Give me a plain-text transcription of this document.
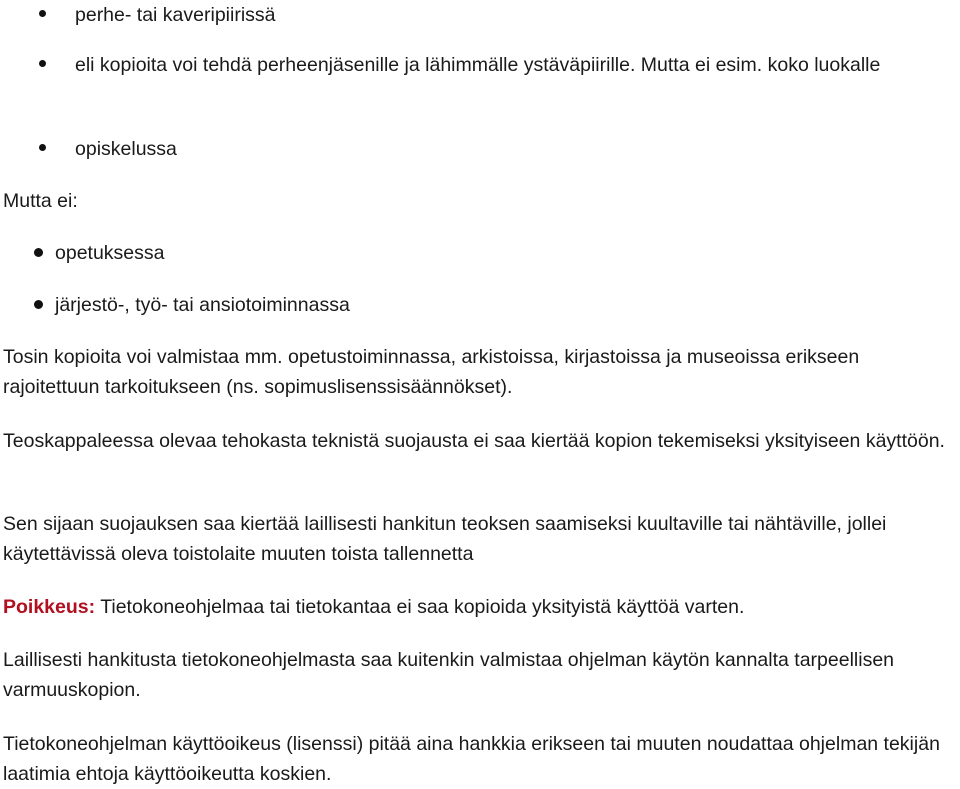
perhe- tai kaveripiirissä
eli kopioita voi tehdä perheenjäsenille ja lähimmälle ystäväpiirille. Mutta ei esim. koko luokalle
opiskelussa
Mutta ei:
opetuksessa
järjestö-, työ- tai ansiotoiminnassa
Tosin kopioita voi valmistaa mm. opetustoiminnassa, arkistoissa, kirjastoissa ja museoissa erikseen rajoitettuun tarkoitukseen (ns. sopimuslisenssisäännökset).
Teoskappaleessa olevaa tehokasta teknistä suojausta ei saa kiertää kopion tekemiseksi yksityiseen käyttöön.
Sen sijaan suojauksen saa kiertää laillisesti hankitun teoksen saamiseksi kuultaville tai nähtäville, jollei käytettävissä oleva toistolaite muuten toista tallennetta
Poikkeus: Tietokoneohjelmaa tai tietokantaa ei saa kopioida yksityistä käyttöä varten.
Laillisesti hankitusta tietokoneohjelmasta saa kuitenkin valmistaa ohjelman käytön kannalta tarpeellisen varmuuskopion.
Tietokoneohjelman käyttöoikeus (lisenssi) pitää aina hankkia erikseen tai muuten noudattaa ohjelman tekijän laatimia ehtoja käyttöoikeutta koskien.
